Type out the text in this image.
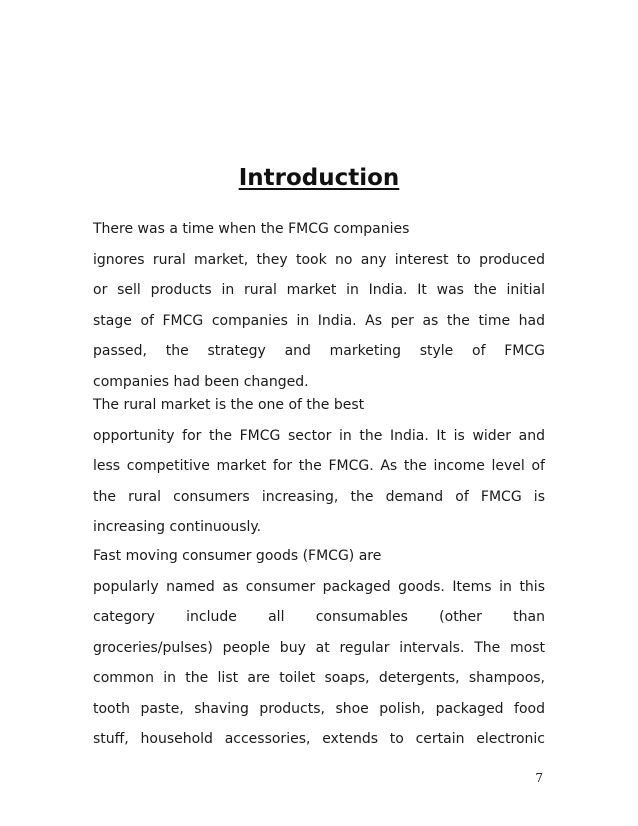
Introduction
There was a time when the FMCG companies
ignores rural market, they took no any interest to produced
or sell products in rural market in India. It was the initial
stage of FMCG companies in India. As per as the time had
passed, the strategy and marketing style of FMCG
companies had been changed.
The rural market is the one of the best
opportunity for the FMCG sector in the India. It is wider and
less competitive market for the FMCG. As the income level of
the rural consumers increasing, the demand of FMCG is
increasing continuously.
Fast moving consumer goods (FMCG) are
popularly named as consumer packaged goods. Items in this
category include all consumables (other than
groceries/pulses) people buy at regular intervals. The most
common in the list are toilet soaps, detergents, shampoos,
tooth paste, shaving products, shoe polish, packaged food
stuff, household accessories, extends to certain electronic
7
